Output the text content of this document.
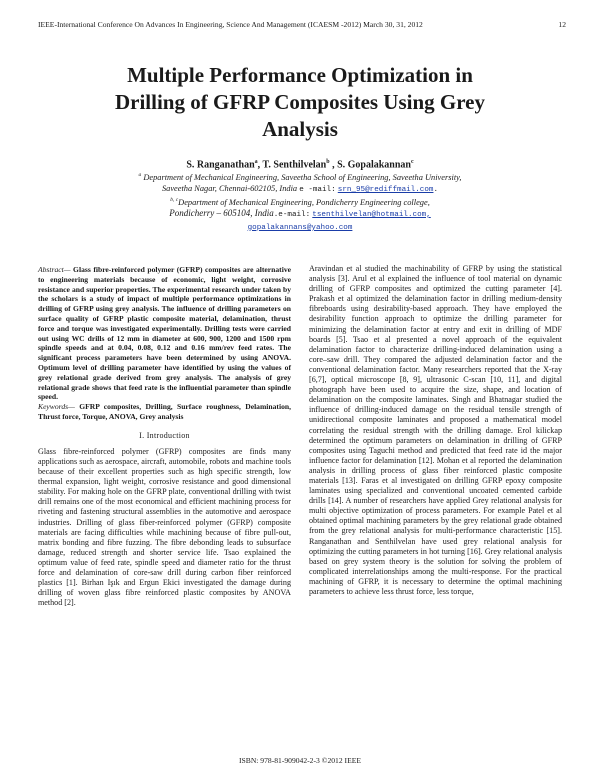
IEEE-International Conference On Advances In Engineering, Science And Management (ICAESM -2012) March 30, 31, 2012	12
Multiple Performance Optimization in
Drilling of GFRP Composites Using Grey
Analysis
S. Ranganathan$^a$, T. Senthilvelan$^b$ , S. Gopalakannan$^c$
$^a$ Department of Mechanical Engineering, Saveetha School of Engineering, Saveetha University,
Saveetha Nagar, Chennai-602105, India e -mail: srn_95@rediffmail.com.
$^{b, c}$Department of Mechanical Engineering, Pondicherry Engineering college,
Pondicherry – 605104, India.e-mail: tsenthilvelan@hotmail.com,
gopalakannans@yahoo.com

Abstract— Glass fibre-reinforced polymer (GFRP) composites are alternative to engineering materials because of economic, light weight, corrosive resistance and superior properties. The experimental research under taken by the scholars is a study of impact of multiple performance optimizations in drilling of GFRP using grey analysis. The influence of drilling parameters on surface quality of GFRP plastic composite material, delamination, thrust force and torque was investigated experimentally. Drilling tests were carried out using WC drills of 12 mm in diameter at 600, 900, 1200 and 1500 rpm spindle speeds and at 0.04, 0.08, 0.12 and 0.16 mm/rev feed rates. The significant process parameters have been determined by using ANOVA. Optimum level of drilling parameter have identified by using the values of grey relational grade derived from grey analysis. The analysis of grey relational grade shows that feed rate is the influential parameter than spindle speed.

Keywords— GFRP composites, Drilling, Surface roughness, Delamination, Thrust force, Torque, ANOVA, Grey analysis

I. Introduction

Glass fibre-reinforced polymer (GFRP) composites are finds many applications such as aerospace, aircraft, automobile, robots and machine tools because of their excellent properties such as high specific strength, low thermal expansion, light weight, corrosive resistance and good dimensional stability. For making hole on the GFRP plate, conventional drilling with twist drill remains one of the most economical and efficient machining process for riveting and fastening structural assemblies in the automotive and aerospace industries. Drilling of glass fiber-reinforced polymer (GFRP) composite materials are facing difficulties while machining because of fibre pull-out, matrix bonding and fibre fuzzing. The fibre debonding leads to subsurface damage, reduced strength and shorter service life. Tsao explained the optimum value of feed rate, spindle speed and diameter ratio for the thrust force and delamination of core-saw drill during carbon fiber reinforced plastics [1]. Birhan Işık and Ergun Ekici investigated the damage during drilling of woven glass fibre reinforced plastic composites by ANOVA method [2].

Aravindan et al studied the machinability of GFRP by using the statistical analysis [3]. Arul et al explained the influence of tool material on dynamic drilling of GFRP composites and optimized the cutting parameter [4]. Prakash et al optimized the delamination factor in drilling medium-density fibreboards using desirability-based approach. They have employed the desirability function approach to optimize the drilling parameter for minimizing the delamination factor at entry and exit in drilling of MDF boards [5]. Tsao et al presented a novel approach of the equivalent delamination factor to characterize drilling-induced delamination using a core–saw drill. They compared the adjusted delamination factor and the conventional delamination factor. Many researchers reported that the X-ray [6,7], optical microscope [8, 9], ultrasonic C-scan [10, 11], and digital photograph have been used to acquire the size, shape, and location of delamination on the composite laminates. Singh and Bhatnagar studied the influence of drilling-induced damage on the residual tensile strength of unidirectional composite laminates and proposed a mathematical model correlating the residual strength with the drilling damage. Erol kilickap determined the optimum parameters on delamination in drilling of GFRP composites using Taguchi method and predicted that feed rate id the major influence factor for delamination [12]. Mohan et al reported the delamination analysis in drilling process of glass fiber reinforced plastic composite materials [13]. Faras et al investigated on drilling GFRP epoxy composite laminates using specialized and conventional uncoated cemented carbide drills [14]. A number of researchers have applied Grey relational analysis for multi objective optimization of process parameters. For example Patel et al obtained optimal machining parameters by the grey relational grade obtained from the grey relational analysis for multi-performance characteristic [15]. Ranganathan and Senthilvelan have used grey relational analysis for optimizing the cutting parameters in hot turning [16]. Grey relational analysis based on grey system theory is the solution for solving the problem of complicated interrelationships among the multi-response. For the practical machining of GFRP, it is necessary to determine the optimal machining parameters to achieve less thrust force, less torque,

ISBN: 978-81-909042-2-3 ©2012 IEEE
